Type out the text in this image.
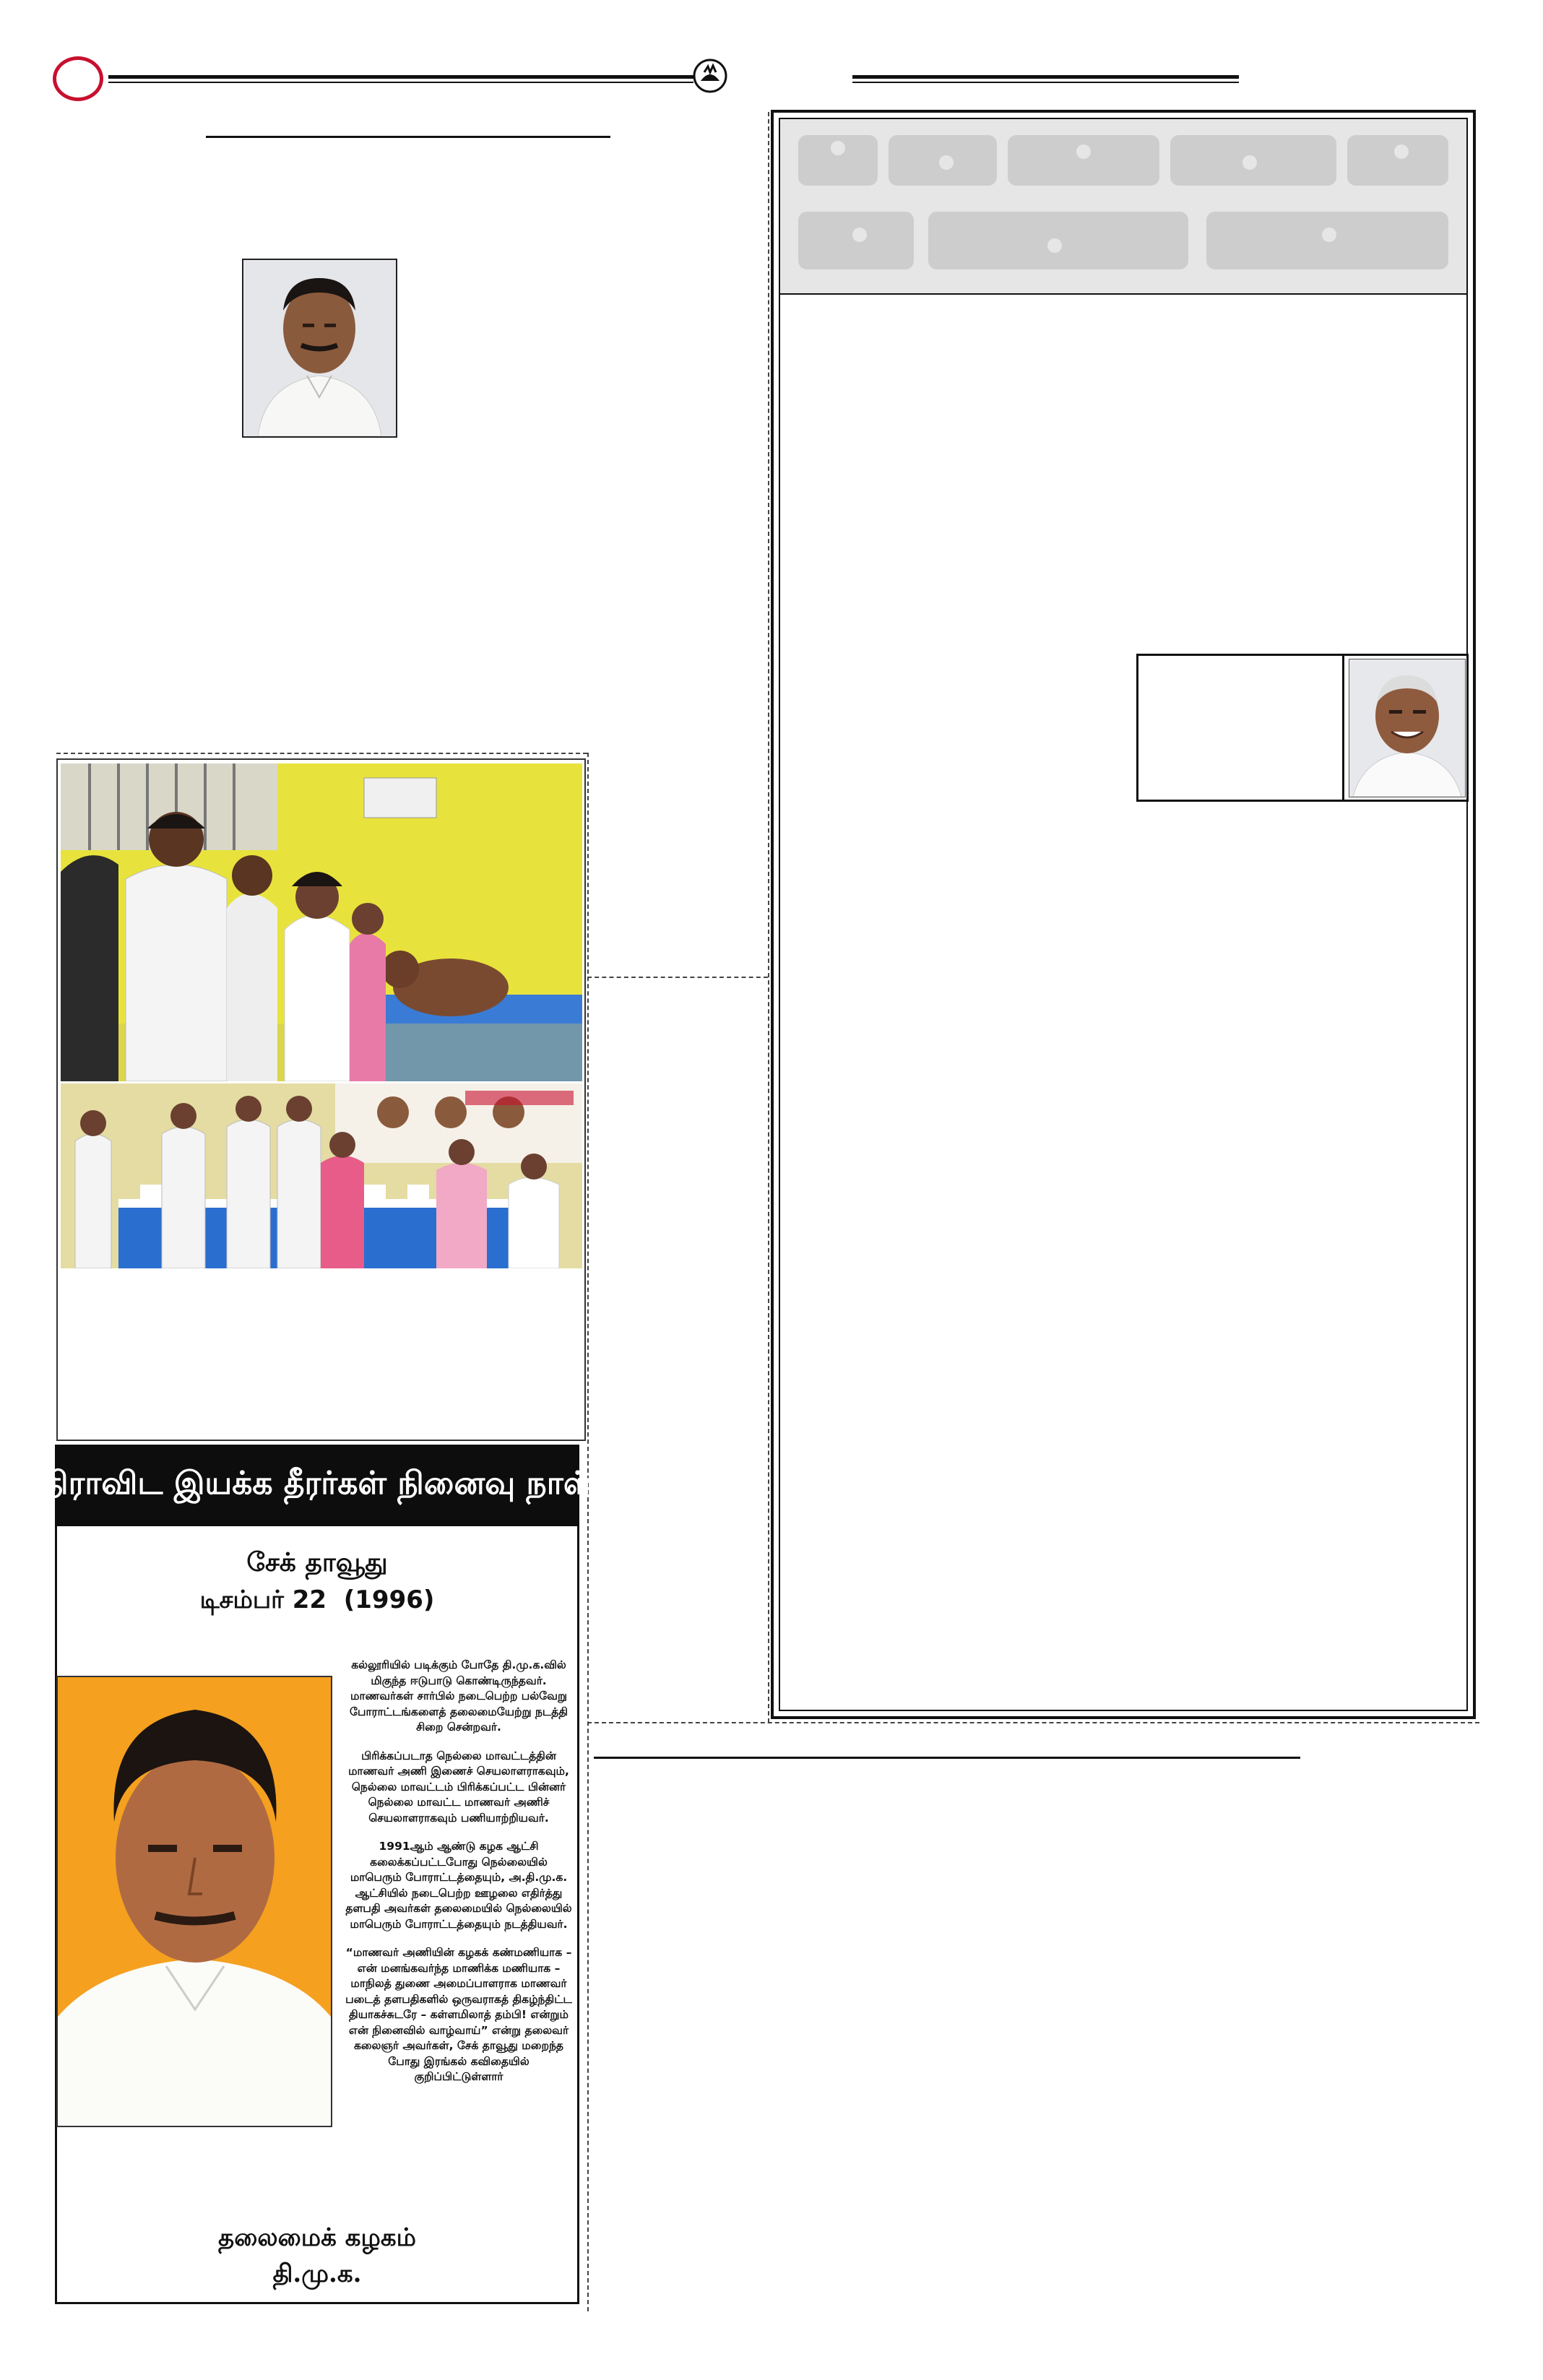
திராவிட இயக்க தீரர்கள் நினைவு நாள்
சேக் தாவூது
டிசம்பர் 22  (1996)

கல்லூரியில் படிக்கும் போதே தி.மு.க.வில் மிகுந்த ஈடுபாடு கொண்டிருந்தவர். மாணவர்கள் சார்பில் நடைபெற்ற பல்வேறு போராட்டங்களைத் தலைமையேற்று நடத்தி சிறை சென்றவர்.

பிரிக்கப்படாத நெல்லை மாவட்டத்தின் மாணவர் அணி இணைச் செயலாளராகவும், நெல்லை மாவட்டம் பிரிக்கப்பட்ட பின்னர் நெல்லை மாவட்ட மாணவர் அணிச் செயலாளராகவும் பணியாற்றியவர்.

1991ஆம் ஆண்டு கழக ஆட்சி கலைக்கப்பட்டபோது நெல்லையில் மாபெரும் போராட்டத்தையும், அ.தி.மு.க. ஆட்சியில் நடைபெற்ற ஊழலை எதிர்த்து தளபதி அவர்கள் தலைமையில் நெல்லையில் மாபெரும் போராட்டத்தையும் நடத்தியவர்.

“மாணவர் அணியின் கழகக் கண்மணியாக – என் மனங்கவர்ந்த மாணிக்க மணியாக – மாநிலத் துணை அமைப்பாளராக மாணவர் படைத் தளபதிகளில் ஒருவராகத் திகழ்ந்திட்ட தியாகச்சுடரே – கள்ளமிலாத் தம்பி! என்றும் என் நினைவில் வாழ்வாய்” என்று தலைவர் கலைஞர் அவர்கள், சேக் தாவூது மறைந்த போது இரங்கல் கவிதையில் குறிப்பிட்டுள்ளார்

தலைமைக் கழகம்
தி.மு.க.
